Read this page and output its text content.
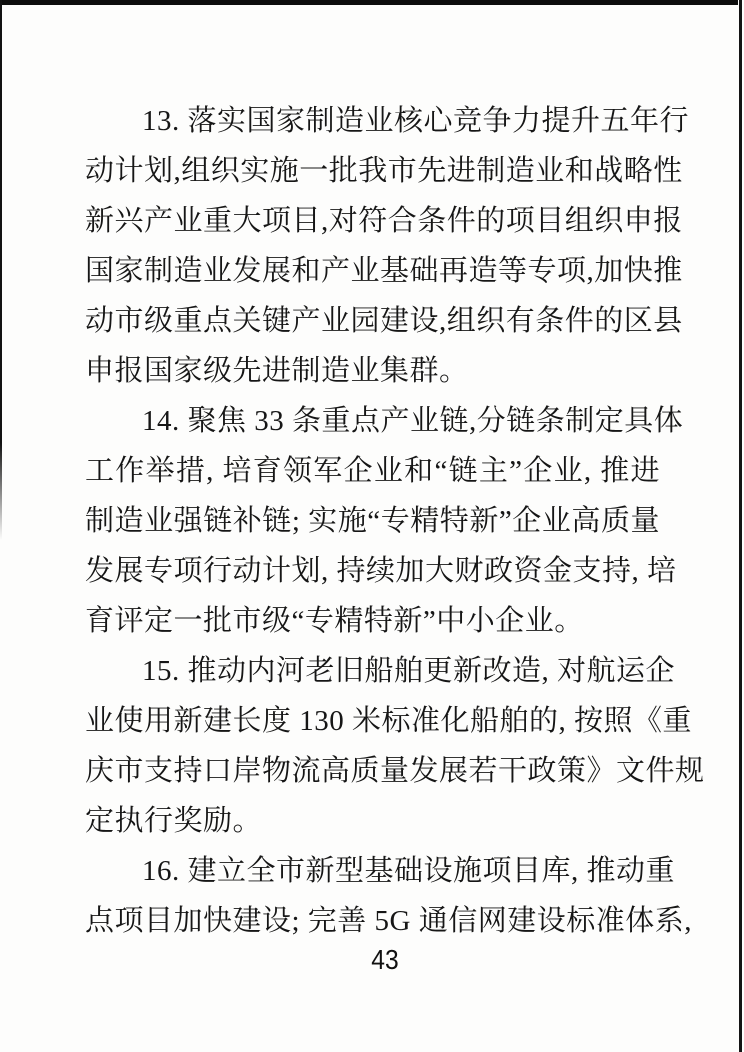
13. 落实国家制造业核心竞争力提升五年行
动计划,组织实施一批我市先进制造业和战略性
新兴产业重大项目,对符合条件的项目组织申报
国家制造业发展和产业基础再造等专项,加快推
动市级重点关键产业园建设,组织有条件的区县
申报国家级先进制造业集群。
14. 聚焦 33 条重点产业链,分链条制定具体
工作举措, 培育领军企业和“链主”企业, 推进
制造业强链补链; 实施“专精特新”企业高质量
发展专项行动计划, 持续加大财政资金支持, 培
育评定一批市级“专精特新”中小企业。
15. 推动内河老旧船舶更新改造, 对航运企
业使用新建长度 130 米标准化船舶的, 按照《重
庆市支持口岸物流高质量发展若干政策》文件规
定执行奖励。
16. 建立全市新型基础设施项目库, 推动重
点项目加快建设; 完善 5G 通信网建设标准体系,
43
